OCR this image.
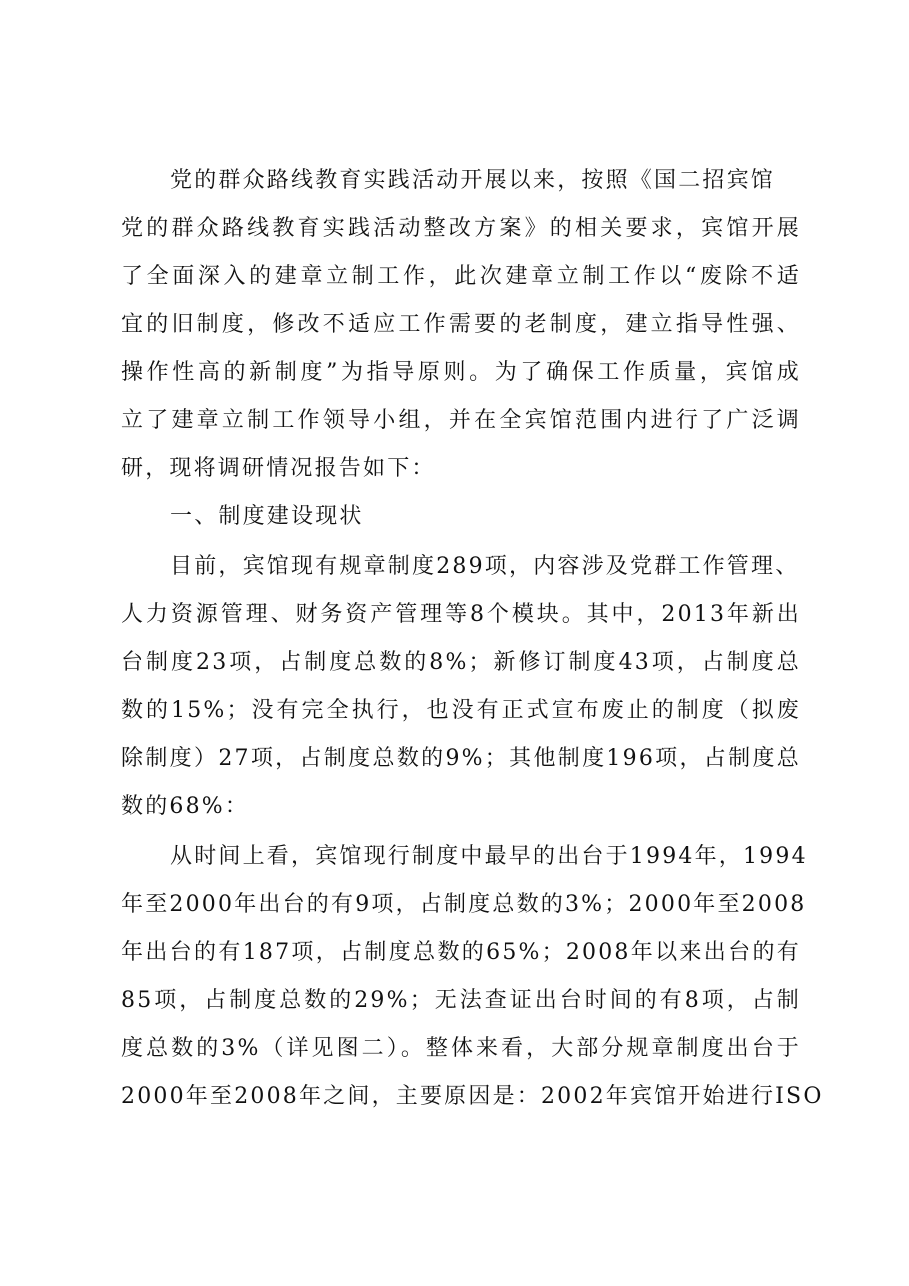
党的群众路线教育实践活动开展以来，按照《国二招宾馆
党的群众路线教育实践活动整改方案》的相关要求，宾馆开展
了全面深入的建章立制工作，此次建章立制工作以“废除不适
宜的旧制度，修改不适应工作需要的老制度，建立指导性强、
操作性高的新制度”为指导原则。为了确保工作质量，宾馆成
立了建章立制工作领导小组，并在全宾馆范围内进行了广泛调
研，现将调研情况报告如下：
一、制度建设现状
目前，宾馆现有规章制度289项，内容涉及党群工作管理、
人力资源管理、财务资产管理等8个模块。其中，2013年新出
台制度23项，占制度总数的8%；新修订制度43项，占制度总
数的15%；没有完全执行，也没有正式宣布废止的制度（拟废
除制度）27项，占制度总数的9%；其他制度196项，占制度总
数的68%：
从时间上看，宾馆现行制度中最早的出台于1994年，1994
年至2000年出台的有9项，占制度总数的3%；2000年至2008
年出台的有187项，占制度总数的65%；2008年以来出台的有
85项，占制度总数的29%；无法查证出台时间的有8项，占制
度总数的3%（详见图二）。整体来看，大部分规章制度出台于
2000年至2008年之间，主要原因是：2002年宾馆开始进行ISO
